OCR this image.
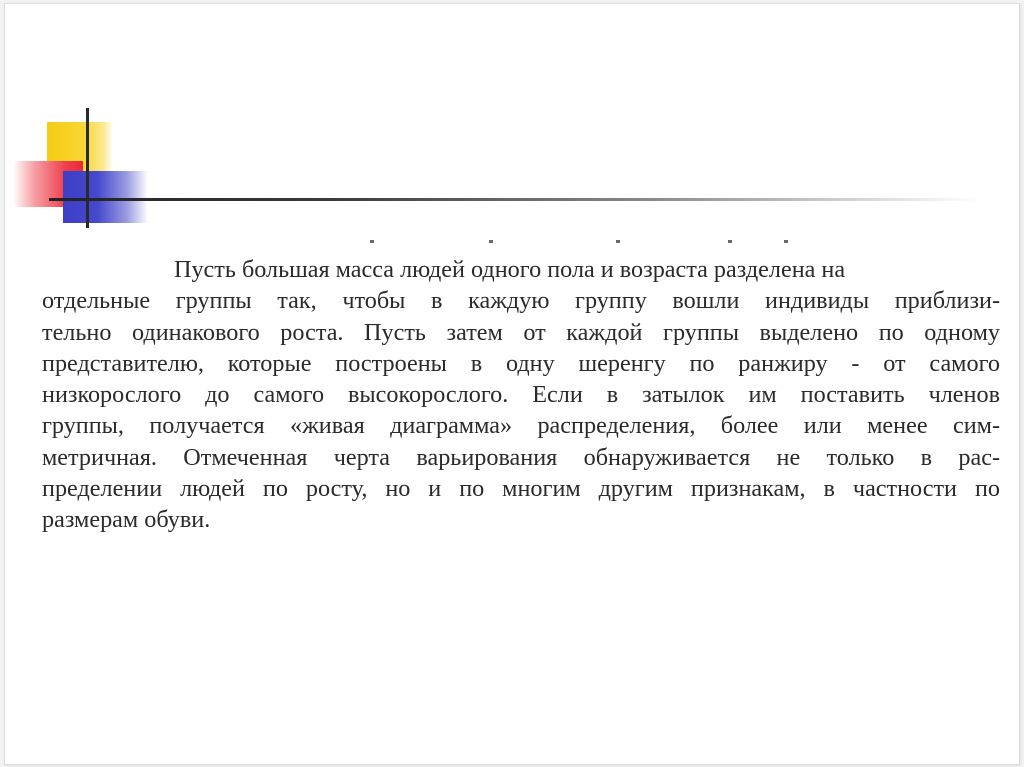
Пусть большая масса людей одного пола и возраста разделена на
отдельные группы так, чтобы в каждую группу вошли индивиды приблизи-
тельно одинакового роста. Пусть затем от каждой группы выделено по одному
представителю, которые построены в одну шеренгу по ранжиру - от самого
низкорослого до самого высокорослого. Если в затылок им поставить членов
группы, получается «живая диаграмма» распределения, более или менее сим-
метричная. Отмеченная черта варьирования обнаруживается не только в рас-
пределении людей по росту, но и по многим другим признакам, в частности по
размерам обуви.
